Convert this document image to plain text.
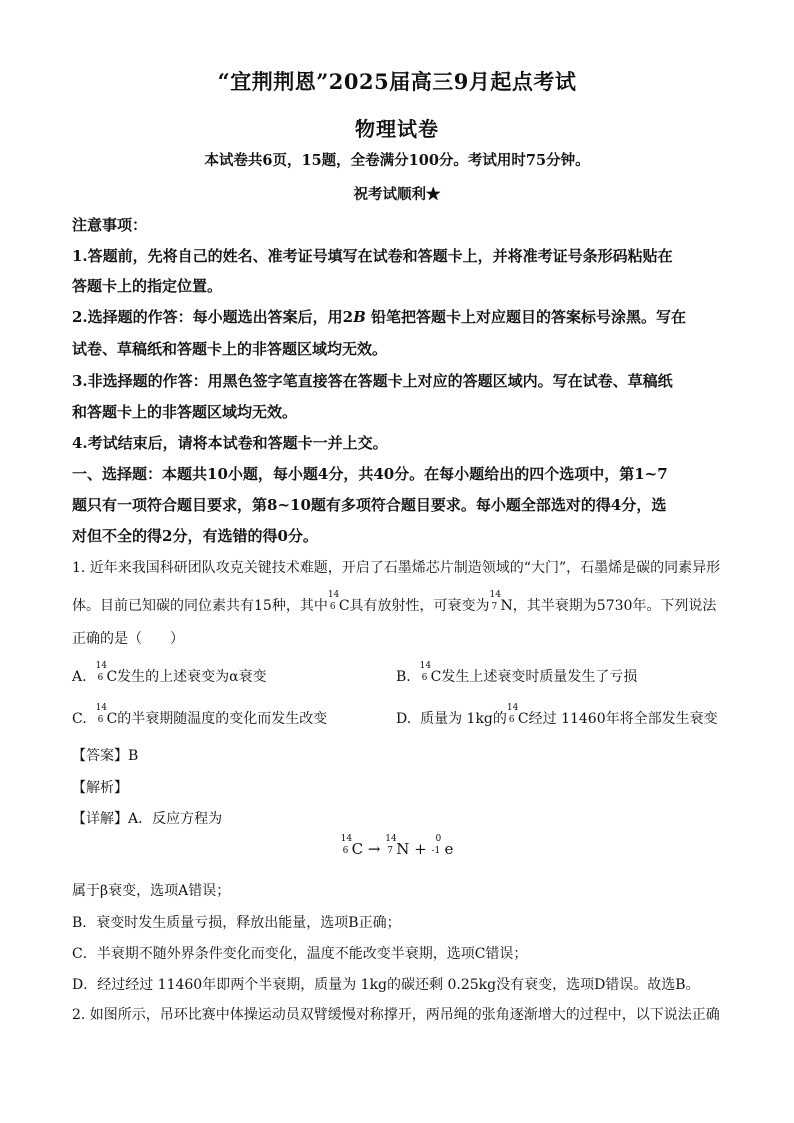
“宜荆荆恩”2025届高三9月起点考试
物理试卷
本试卷共6页，15题，全卷满分100分。考试用时75分钟。
祝考试顺利★
注意事项：
1.答题前，先将自己的姓名、准考证号填写在试卷和答题卡上，并将准考证号条形码粘贴在
答题卡上的指定位置。
2.选择题的作答：每小题选出答案后，用2B 铅笔把答题卡上对应题目的答案标号涂黑。写在
试卷、草稿纸和答题卡上的非答题区域均无效。
3.非选择题的作答：用黑色签字笔直接答在答题卡上对应的答题区域内。写在试卷、草稿纸
和答题卡上的非答题区域均无效。
4.考试结束后，请将本试卷和答题卡一并上交。
一、选择题：本题共10小题，每小题4分，共40分。在每小题给出的四个选项中，第1~7
题只有一项符合题目要求，第8~10题有多项符合题目要求。每小题全部选对的得4分，选
对但不全的得2分，有选错的得0分。
1. 近年来我国科研团队攻克关键技术难题，开启了石墨烯芯片制造领域的“大门”，石墨烯是碳的同素异形
体。目前已知碳的同位素共有15种，其中
14
6 C具有放射性，可衰变为
14
7 N，其半衰期为5730年。下列说法
正确的是（　　）
A.
14
6 C发生的上述衰变为α衰变	B.
14
6 C发生上述衰变时质量发生了亏损
C.
14
6 C的半衰期随温度的变化而发生改变	D. 质量为 1kg的
14
6 C经过 11460年将全部发生衰变
【答案】B
【解析】
【详解】A．反应方程为
14
6 C →
14
7 N +
0
-1 e
属于β衰变，选项A错误；
B．衰变时发生质量亏损，释放出能量，选项B正确；
C．半衰期不随外界条件变化而变化，温度不能改变半衰期，选项C错误；
D．经过经过 11460年即两个半衰期，质量为 1kg的碳还剩 0.25kg没有衰变，选项D错误。故选B。
2. 如图所示，吊环比赛中体操运动员双臂缓慢对称撑开，两吊绳的张角逐渐增大的过程中，以下说法正确
